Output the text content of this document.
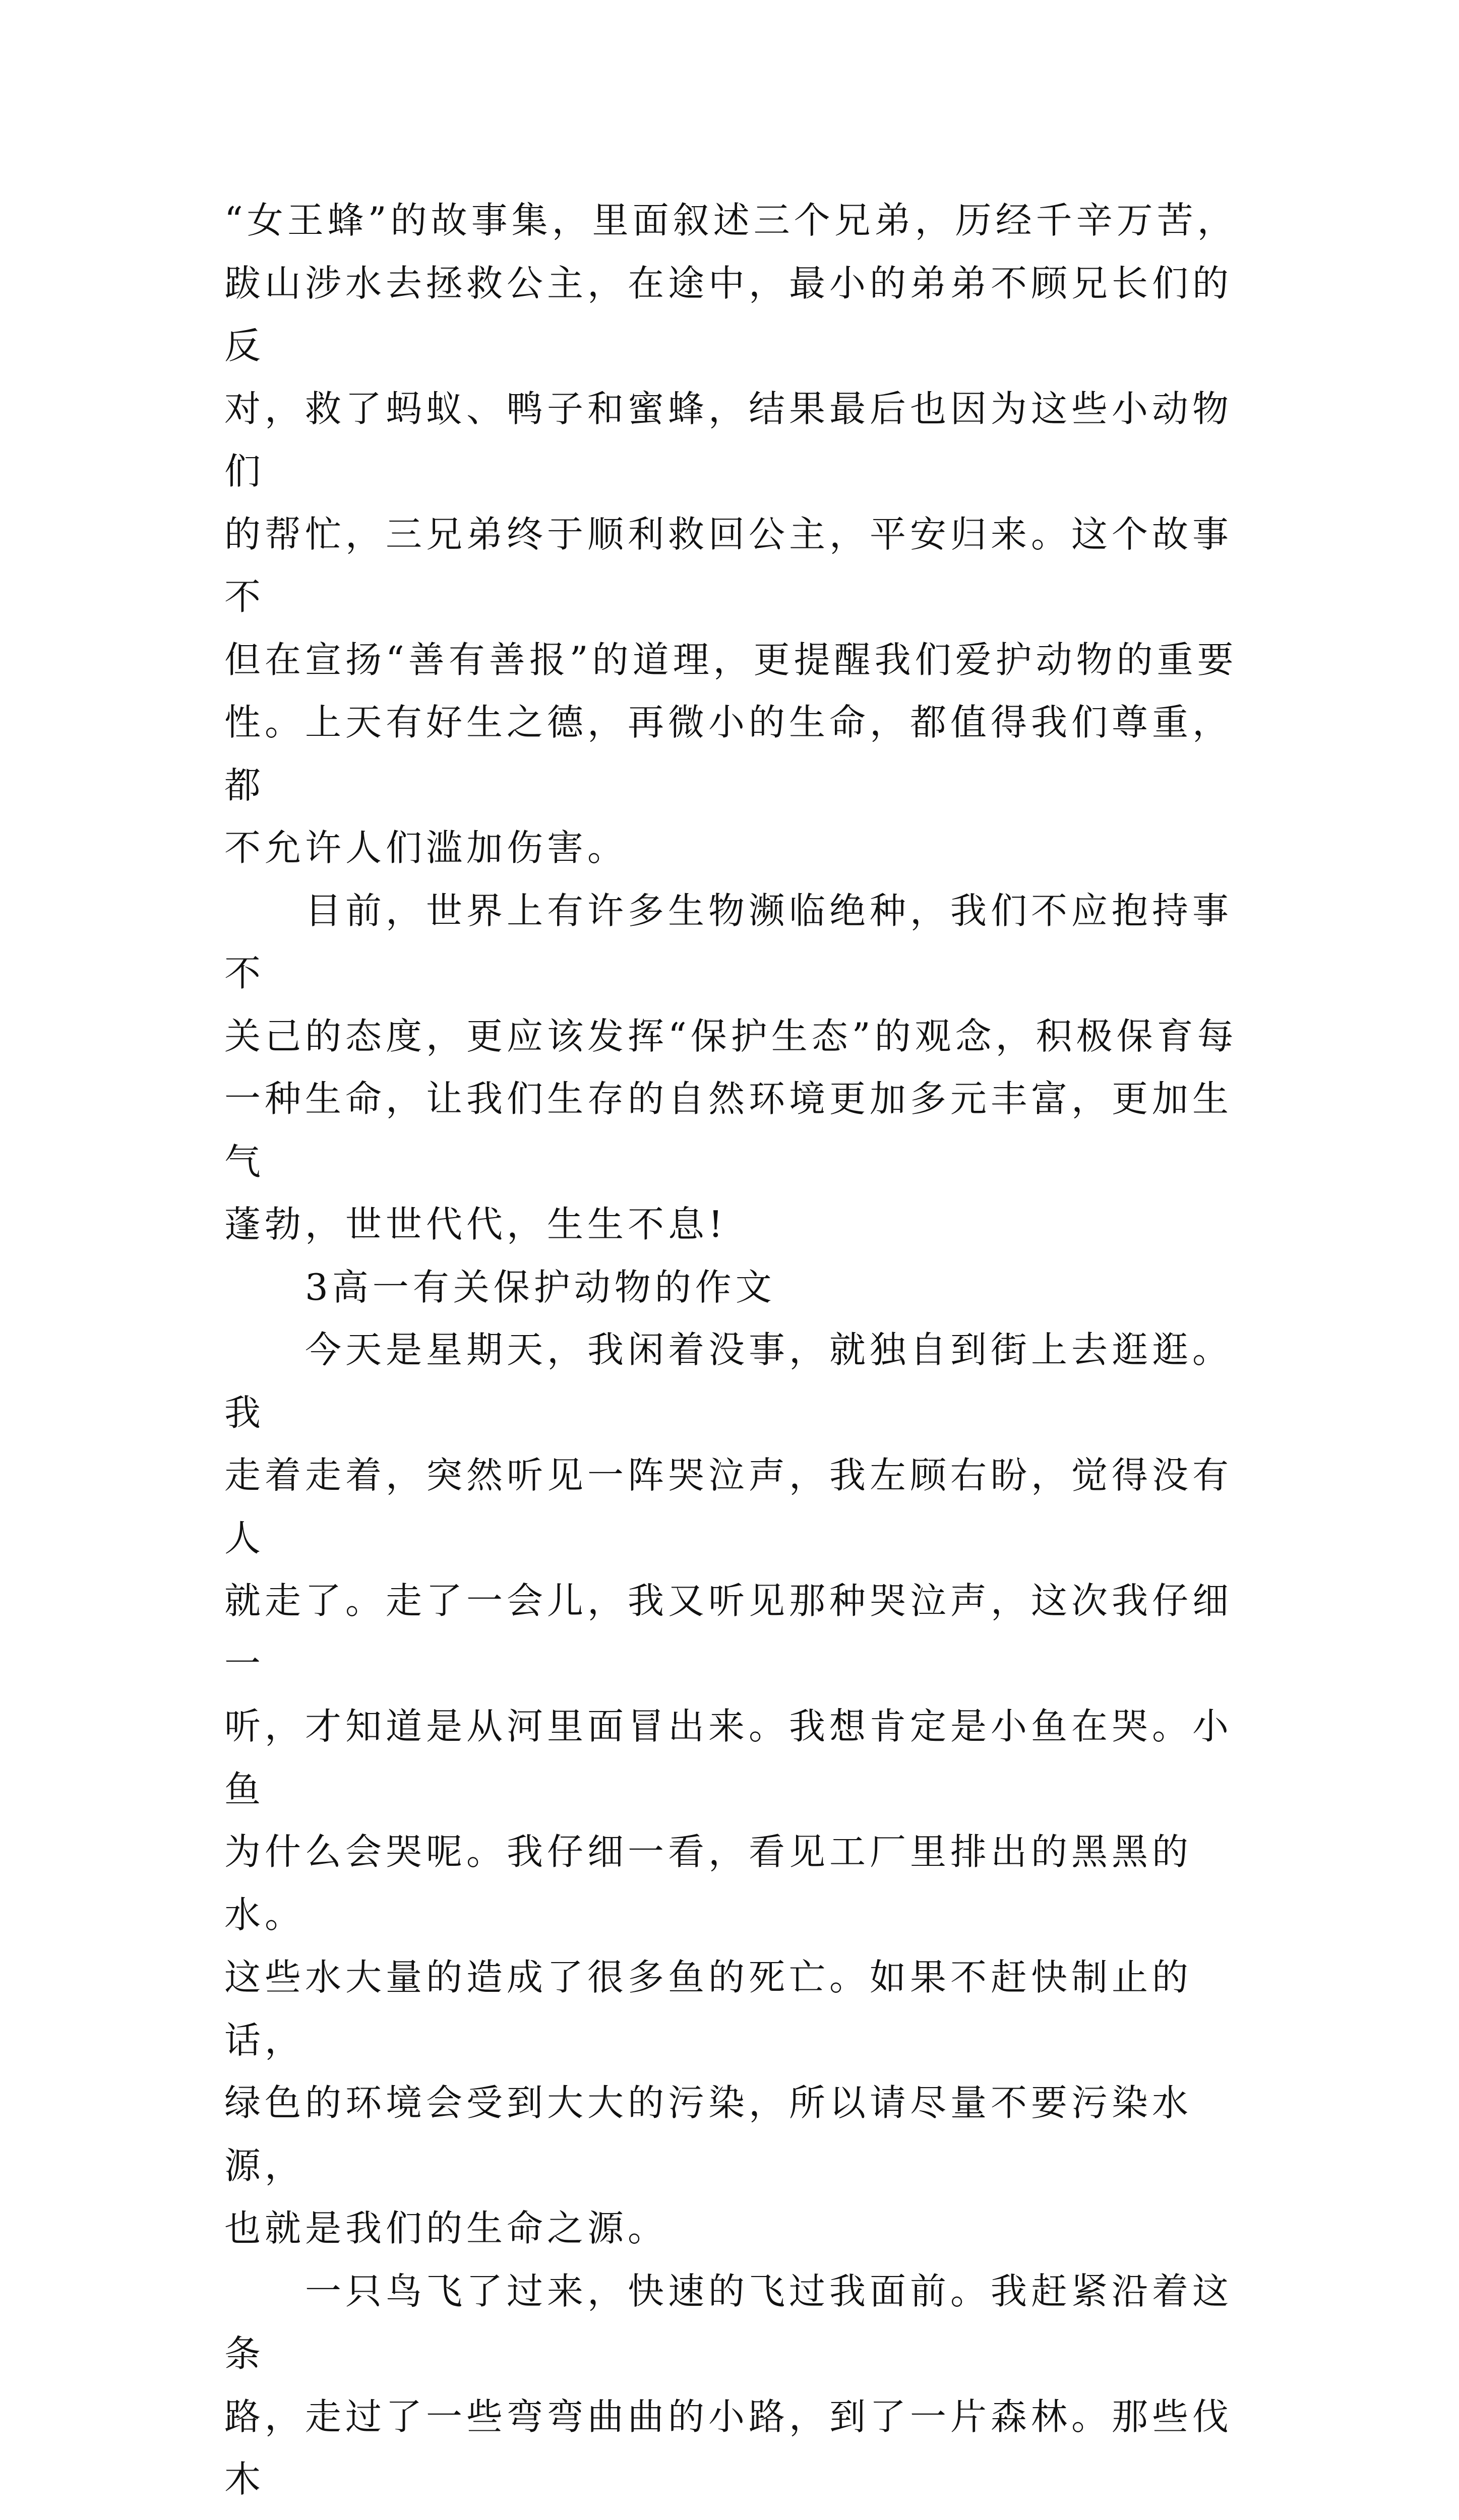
“女王蜂”的故事集，里面叙述三个兄弟，历经千辛万苦，
跋山涉水去拯救公主，在途中，最小的弟弟不顾兄长们的反
对，救了蚂蚁、鸭子和蜜蜂，结果最后也因为这些小动物们
的帮忙，三兄弟终于顺利救回公主，平安归来。这个故事不
但在宣扬“善有善报”的道理，更提醒我们爱护动物的重要
性。上天有好生之德，再微小的生命，都值得我们尊重，都
不允许人们滥加伤害。

目前，世界上有许多生物濒临绝种，我们不应抱持事不
关己的态度，更应该发挥“保护生态”的观念，积极保育每
一种生命，让我们生存的自然环境更加多元丰富，更加生气
蓬勃，世世代代，生生不息!

3高一有关保护动物的作文

今天是星期天，我闲着没事，就独自到街上去逛逛。我
走着走着，突然听见一阵哭泣声，我左顾右盼，觉得没有人
就走了。走了一会儿，我又听见那种哭泣声，这次我仔细一
听，才知道是从河里面冒出来。我想肯定是小鱼在哭。小鱼
为什么会哭呢。我仔细一看，看见工厂里排出的黑黑的水。
这些水大量的造成了很多鱼的死亡。如果不赶快制止的话，
绿色的环境会受到大大的污染，所以请尽量不要污染水源，
也就是我们的生命之源。

一只鸟飞了过来，快速的飞过我面前。我赶紧沿着这条
路，走过了一些弯弯曲曲的小路，到了一片森林。那些伐木
